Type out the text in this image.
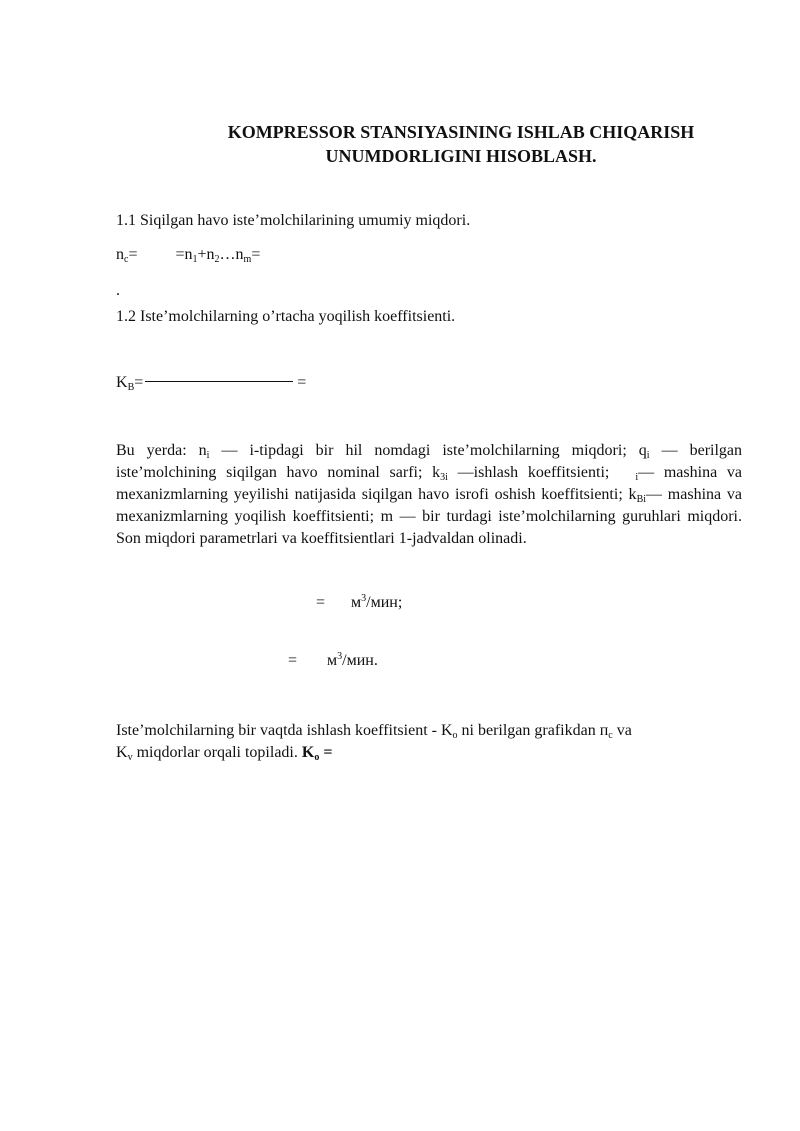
KOMPRESSOR STANSIYASINING ISHLAB CHIQARISH
UNUMDORLIGINI HISOBLASH.
1.1 Siqilgan havo iste’molchilarining umumiy miqdori.
$n_c=$ $=n_1+n_2\dots n_m=$
.
1.2 Iste’molchilarning o’rtacha yoqilish koeffitsienti.
$K_B=$	=
Bu yerda: $n_i$ — i-tipdagi bir hil nomdagi iste’molchilarning miqdori; $q_i$ — berilgan iste’molchining siqilgan havo nominal sarfi; $k_{3i}$ —ishlash koeffitsienti;	$_i$— mashina va mexanizmlarning yeyilishi natijasida siqilgan havo isrofi oshish koeffitsienti; $k_{Bi}—$ mashina va mexanizmlarning yoqilish koeffitsienti; m — bir turdagi iste’molchilarning guruhlari miqdori. Son miqdori parametrlari va koeffitsientlari 1-jadvaldan olinadi.
= $м^3$/мин;
= $м^3$/мин.
Iste’molchilarning bir vaqtda ishlash koeffitsient - $K_o$ ni berilgan grafikdan $п_c$ va
$K_v$ miqdorlar orqali topiladi. $K_o$ =
